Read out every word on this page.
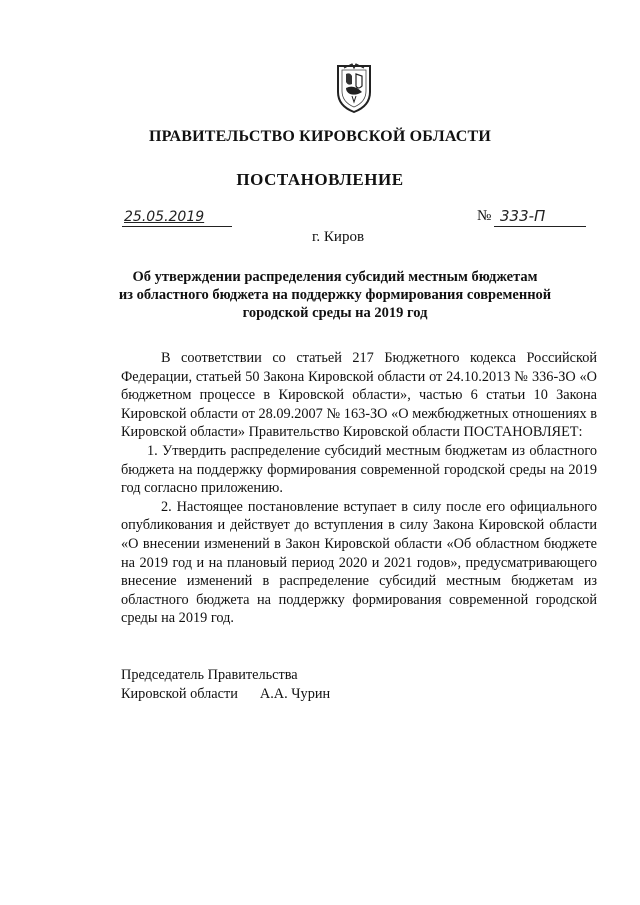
ПРАВИТЕЛЬСТВО КИРОВСКОЙ ОБЛАСТИ
ПОСТАНОВЛЕНИЕ
25.05.2019	№ 333-П
г. Киров
Об утверждении распределения субсидий местным бюджетам
из областного бюджета на поддержку формирования современной
городской среды на 2019 год

В соответствии со статьей 217 Бюджетного кодекса Российской Федерации, статьей 50 Закона Кировской области от 24.10.2013 № 336-ЗО «О бюджетном процессе в Кировской области», частью 6 статьи 10 Закона Кировской области от 28.09.2007 № 163-ЗО «О межбюджетных отношениях в Кировской области» Правительство Кировской области ПОСТАНОВЛЯЕТ:

1. Утвердить распределение субсидий местным бюджетам из областного бюджета на поддержку формирования современной городской среды на 2019 год согласно приложению.

2. Настоящее постановление вступает в силу после его официального опубликования и действует до вступления в силу Закона Кировской области «О внесении изменений в Закон Кировской области «Об областном бюджете на 2019 год и на плановый период 2020 и 2021 годов», предусматривающего внесение изменений в распределение субсидий местным бюджетам из областного бюджета на поддержку формирования современной городской среды на 2019 год.

Председатель Правительства
Кировской области А.А. Чурин
